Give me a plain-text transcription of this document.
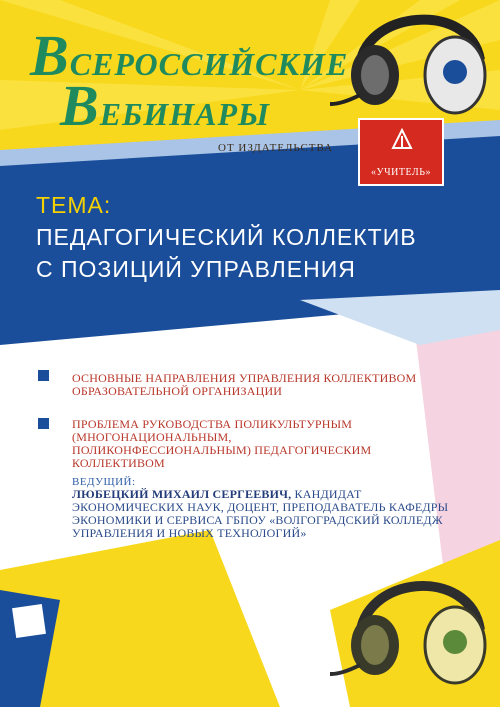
ВСЕРОССИЙСКИЕ
ВЕБИНАРЫ
ОТ ИЗДАТЕЛЬСТВА
«УЧИТЕЛЬ»
ТЕМА:
ПЕДАГОГИЧЕСКИЙ КОЛЛЕКТИВ
С ПОЗИЦИЙ УПРАВЛЕНИЯ
ОСНОВНЫЕ НАПРАВЛЕНИЯ УПРАВЛЕНИЯ КОЛЛЕКТИВОМ ОБРАЗОВАТЕЛЬНОЙ ОРГАНИЗАЦИИ
ПРОБЛЕМА РУКОВОДСТВА ПОЛИКУЛЬТУРНЫМ (МНОГОНАЦИОНАЛЬНЫМ, ПОЛИКОНФЕССИОНАЛЬНЫМ) ПЕДАГОГИЧЕСКИМ КОЛЛЕКТИВОМ
ВЕДУЩИЙ:
ЛЮБЕЦКИЙ МИХАИЛ СЕРГЕЕВИЧ, КАНДИДАТ ЭКОНОМИЧЕСКИХ НАУК, ДОЦЕНТ, ПРЕПОДАВАТЕЛЬ КАФЕДРЫ ЭКОНОМИКИ И СЕРВИСА ГБПОУ «ВОЛГОГРАДСКИЙ КОЛЛЕДЖ УПРАВЛЕНИЯ И НОВЫХ ТЕХНОЛОГИЙ»
